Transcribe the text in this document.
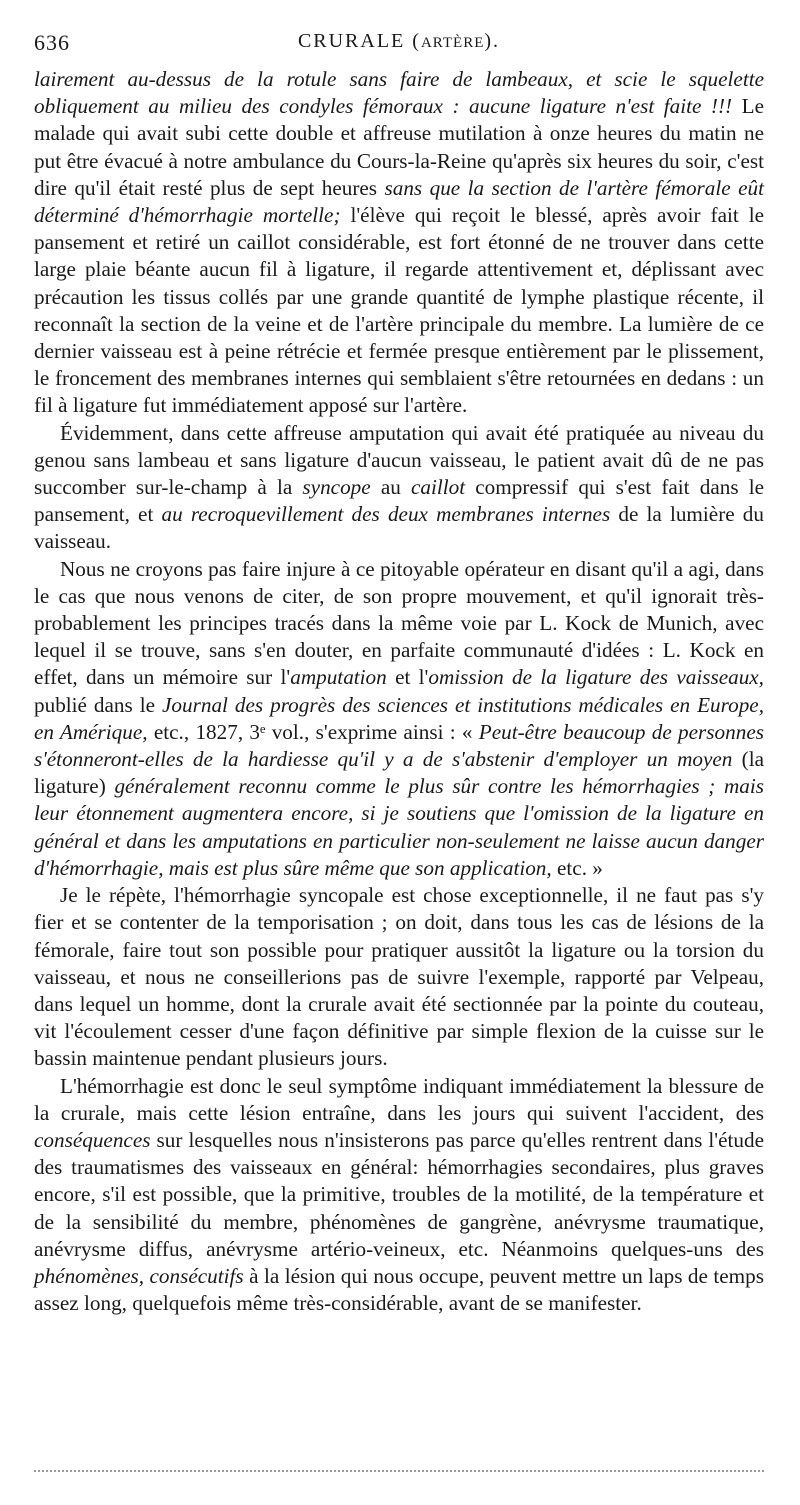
636	CRURALE (ARTÈRE).

lairement au-dessus de la rotule sans faire de lambeaux, et scie le squelette obliquement au milieu des condyles fémoraux : aucune ligature n'est faite !!! Le malade qui avait subi cette double et affreuse mutilation à onze heures du matin ne put être évacué à notre ambulance du Cours-la-Reine qu'après six heures du soir, c'est dire qu'il était resté plus de sept heures sans que la section de l'artère fémorale eût déterminé d'hémorrhagie mortelle; l'élève qui reçoit le blessé, après avoir fait le pansement et retiré un caillot considérable, est fort étonné de ne trouver dans cette large plaie béante aucun fil à ligature, il regarde attentivement et, déplissant avec précaution les tissus collés par une grande quantité de lymphe plastique récente, il reconnaît la section de la veine et de l'artère principale du membre. La lumière de ce dernier vaisseau est à peine rétrécie et fermée presque entièrement par le plissement, le froncement des membranes internes qui semblaient s'être retournées en dedans : un fil à ligature fut immédiatement apposé sur l'artère.

Évidemment, dans cette affreuse amputation qui avait été pratiquée au niveau du genou sans lambeau et sans ligature d'aucun vaisseau, le patient avait dû de ne pas succomber sur-le-champ à la syncope au caillot compressif qui s'est fait dans le pansement, et au recroquevillement des deux membranes internes de la lumière du vaisseau.

Nous ne croyons pas faire injure à ce pitoyable opérateur en disant qu'il a agi, dans le cas que nous venons de citer, de son propre mouvement, et qu'il ignorait très-probablement les principes tracés dans la même voie par L. Kock de Munich, avec lequel il se trouve, sans s'en douter, en parfaite communauté d'idées : L. Kock en effet, dans un mémoire sur l'amputation et l'omission de la ligature des vaisseaux, publié dans le Journal des progrès des sciences et institutions médicales en Europe, en Amérique, etc., 1827, 3ᵉ vol., s'exprime ainsi : « Peut-être beaucoup de personnes s'étonneront-elles de la hardiesse qu'il y a de s'abstenir d'employer un moyen (la ligature) généralement reconnu comme le plus sûr contre les hémorrhagies ; mais leur étonnement augmentera encore, si je soutiens que l'omission de la ligature en général et dans les amputations en particulier non-seulement ne laisse aucun danger d'hémorrhagie, mais est plus sûre même que son application, etc. »

Je le répète, l'hémorrhagie syncopale est chose exceptionnelle, il ne faut pas s'y fier et se contenter de la temporisation ; on doit, dans tous les cas de lésions de la fémorale, faire tout son possible pour pratiquer aussitôt la ligature ou la torsion du vaisseau, et nous ne conseillerions pas de suivre l'exemple, rapporté par Velpeau, dans lequel un homme, dont la crurale avait été sectionnée par la pointe du couteau, vit l'écoulement cesser d'une façon définitive par simple flexion de la cuisse sur le bassin maintenue pendant plusieurs jours.

L'hémorrhagie est donc le seul symptôme indiquant immédiatement la blessure de la crurale, mais cette lésion entraîne, dans les jours qui suivent l'accident, des conséquences sur lesquelles nous n'insisterons pas parce qu'elles rentrent dans l'étude des traumatismes des vaisseaux en général: hémorrhagies secondaires, plus graves encore, s'il est possible, que la primitive, troubles de la motilité, de la température et de la sensibilité du membre, phénomènes de gangrène, anévrysme traumatique, anévrysme diffus, anévrysme artério-veineux, etc. Néanmoins quelques-uns des phénomènes, consécutifs à la lésion qui nous occupe, peuvent mettre un laps de temps assez long, quelquefois même très-considérable, avant de se manifester.
